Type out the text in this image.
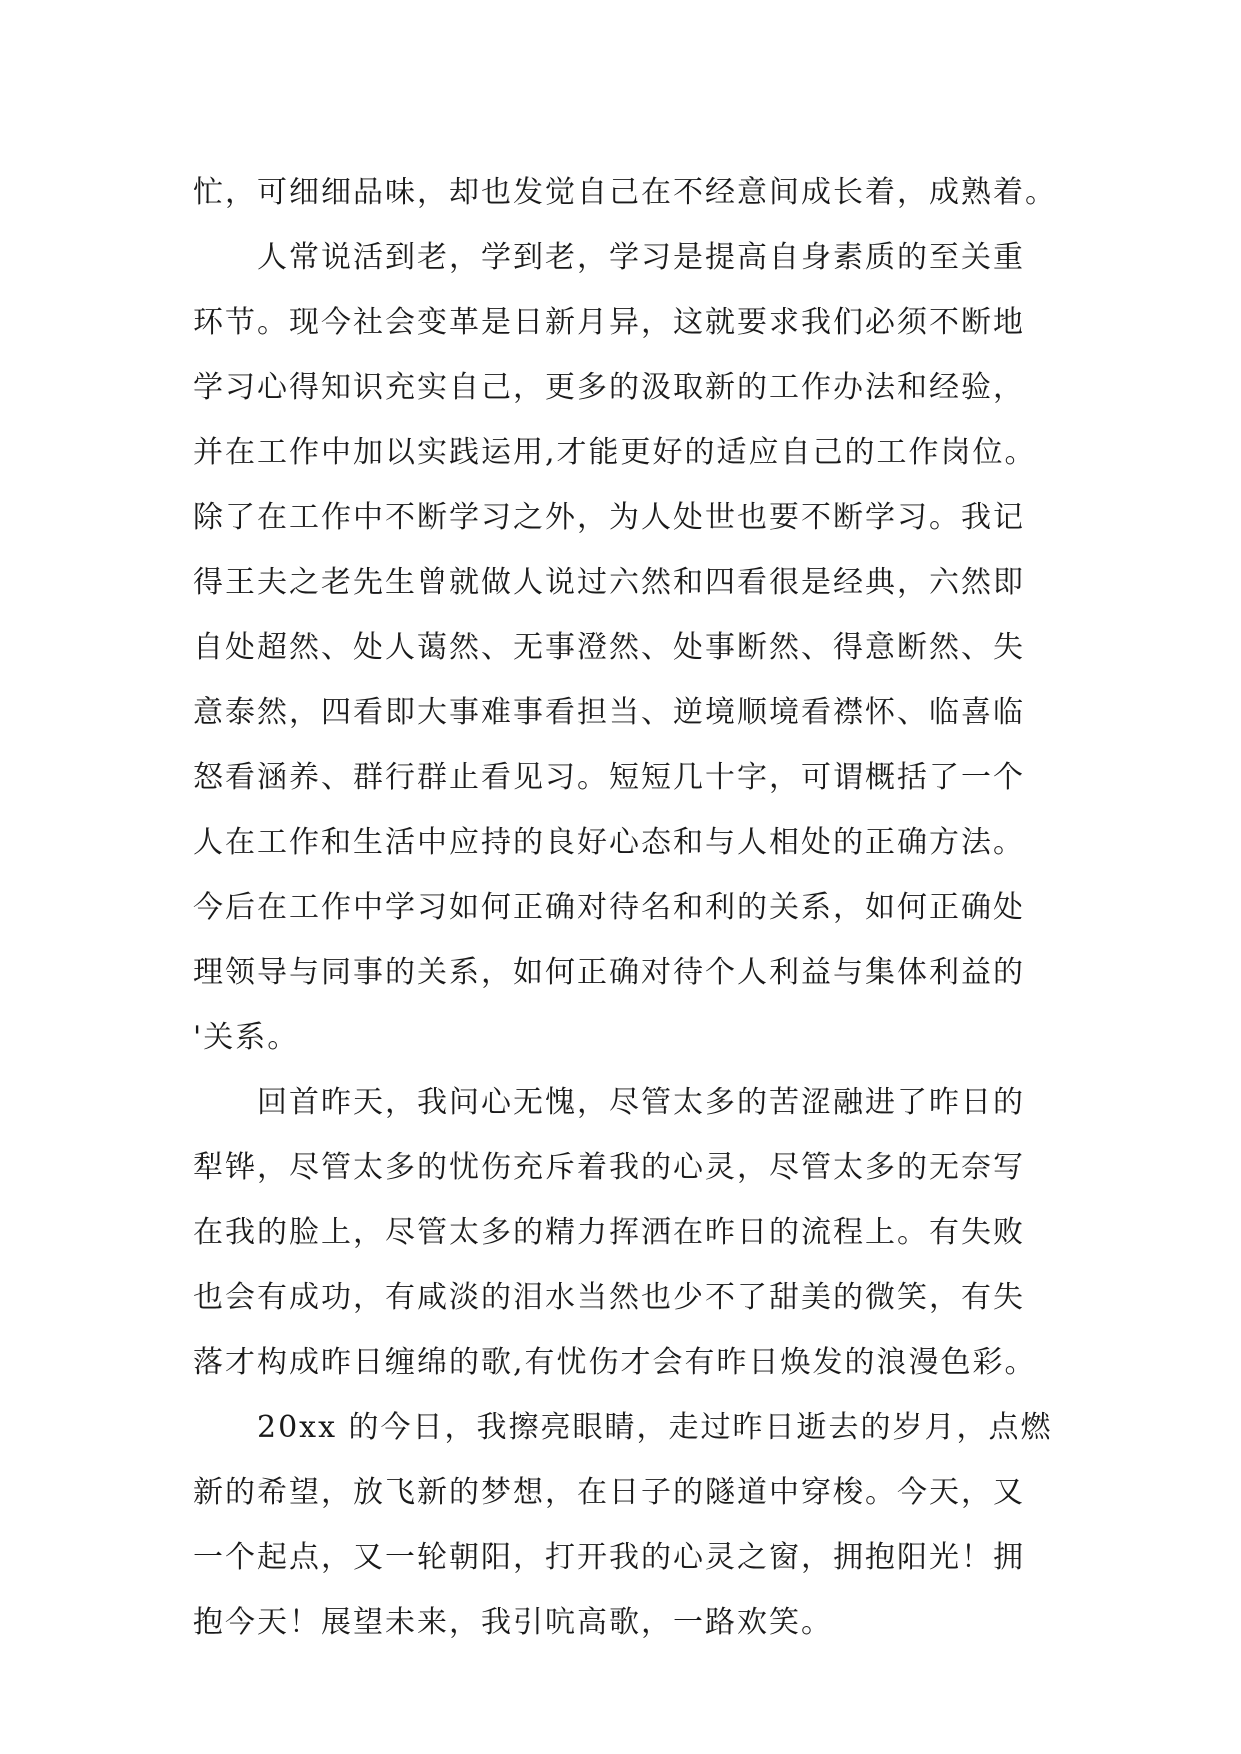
忙，可细细品味，却也发觉自己在不经意间成长着，成熟着。
　　人常说活到老，学到老，学习是提高自身素质的至关重
环节。现今社会变革是日新月异，这就要求我们必须不断地
学习心得知识充实自己，更多的汲取新的工作办法和经验，
并在工作中加以实践运用,才能更好的适应自己的工作岗位。
除了在工作中不断学习之外，为人处世也要不断学习。我记
得王夫之老先生曾就做人说过六然和四看很是经典，六然即
自处超然、处人蔼然、无事澄然、处事断然、得意断然、失
意泰然，四看即大事难事看担当、逆境顺境看襟怀、临喜临
怒看涵养、群行群止看见习。短短几十字，可谓概括了一个
人在工作和生活中应持的良好心态和与人相处的正确方法。
今后在工作中学习如何正确对待名和利的关系，如何正确处
理领导与同事的关系，如何正确对待个人利益与集体利益的
'关系。
　　回首昨天，我问心无愧，尽管太多的苦涩融进了昨日的
犁铧，尽管太多的忧伤充斥着我的心灵，尽管太多的无奈写
在我的脸上，尽管太多的精力挥洒在昨日的流程上。有失败
也会有成功，有咸淡的泪水当然也少不了甜美的微笑，有失
落才构成昨日缠绵的歌,有忧伤才会有昨日焕发的浪漫色彩。
　　20xx 的今日，我擦亮眼睛，走过昨日逝去的岁月，点燃
新的希望，放飞新的梦想，在日子的隧道中穿梭。今天，又
一个起点，又一轮朝阳，打开我的心灵之窗，拥抱阳光！拥
抱今天！展望未来，我引吭高歌，一路欢笑。
